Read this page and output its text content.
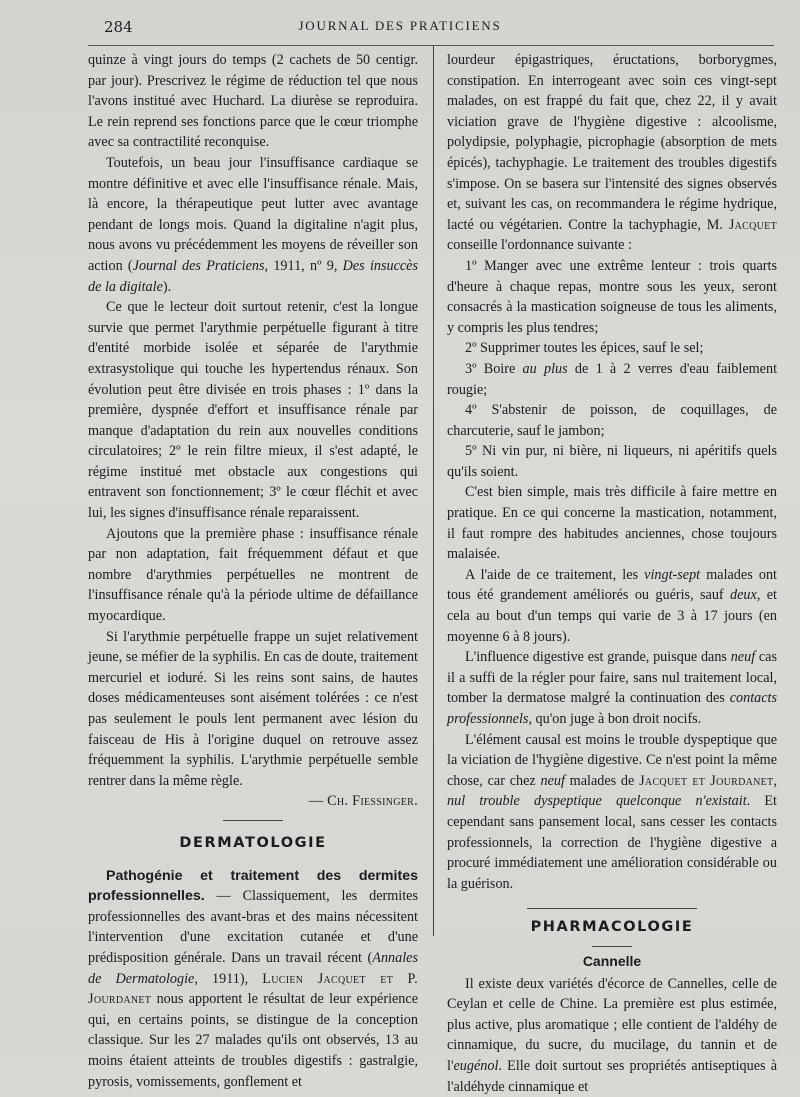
284	JOURNAL DES PRATICIENS

quinze à vingt jours do temps (2 cachets de 50 centigr. par jour). Prescrivez le régime de réduction tel que nous l'avons institué avec Huchard. La diurèse se reproduira. Le rein reprend ses fonctions parce que le cœur triomphe avec sa contractilité reconquise.

Toutefois, un beau jour l'insuffisance cardiaque se montre définitive et avec elle l'insuffisance rénale. Mais, là encore, la thérapeutique peut lutter avec avantage pendant de longs mois. Quand la digitaline n'agit plus, nous avons vu précédemment les moyens de réveiller son action (Journal des Praticiens, 1911, nº 9, Des insuccès de la digitale).

Ce que le lecteur doit surtout retenir, c'est la longue survie que permet l'arythmie perpétuelle figurant à titre d'entité morbide isolée et séparée de l'arythmie extrasystolique qui touche les hypertendus rénaux. Son évolution peut être divisée en trois phases : 1º dans la première, dyspnée d'effort et insuffisance rénale par manque d'adaptation du rein aux nouvelles conditions circulatoires; 2º le rein filtre mieux, il s'est adapté, le régime institué met obstacle aux congestions qui entravent son fonctionnement; 3º le cœur fléchit et avec lui, les signes d'insuffisance rénale reparaissent.

Ajoutons que la première phase : insuffisance rénale par non adaptation, fait fréquemment défaut et que nombre d'arythmies perpétuelles ne montrent de l'insuffisance rénale qu'à la période ultime de défaillance myocardique.

Si l'arythmie perpétuelle frappe un sujet relativement jeune, se méfier de la syphilis. En cas de doute, traitement mercuriel et ioduré. Si les reins sont sains, de hautes doses médicamenteuses sont aisément tolérées : ce n'est pas seulement le pouls lent permanent avec lésion du faisceau de His à l'origine duquel on retrouve assez fréquemment la syphilis. L'arythmie perpétuelle semble rentrer dans la même règle.

— Ch. Fiessinger.
DERMATOLOGIE

Pathogénie et traitement des dermites professionnelles. — Classiquement, les dermites professionnelles des avant-bras et des mains nécessitent l'intervention d'une excitation cutanée et d'une prédisposition générale. Dans un travail récent (Annales de Dermatologie, 1911), Lucien Jacquet et P. Jourdanet nous apportent le résultat de leur expérience qui, en certains points, se distingue de la conception classique. Sur les 27 malades qu'ils ont observés, 13 au moins étaient atteints de troubles digestifs : gastralgie, pyrosis, vomissements, gonflement et

lourdeur épigastriques, éructations, borborygmes, constipation. En interrogeant avec soin ces vingt-sept malades, on est frappé du fait que, chez 22, il y avait viciation grave de l'hygiène digestive : alcoolisme, polydipsie, polyphagie, picrophagie (absorption de mets épicés), tachyphagie. Le traitement des troubles digestifs s'impose. On se basera sur l'intensité des signes observés et, suivant les cas, on recommandera le régime hydrique, lacté ou végétarien. Contre la tachyphagie, M. Jacquet conseille l'ordonnance suivante :

1º Manger avec une extrême lenteur : trois quarts d'heure à chaque repas, montre sous les yeux, seront consacrés à la mastication soigneuse de tous les aliments, y compris les plus tendres;

2º Supprimer toutes les épices, sauf le sel;

3º Boire au plus de 1 à 2 verres d'eau faiblement rougie;

4º S'abstenir de poisson, de coquillages, de charcuterie, sauf le jambon;

5º Ni vin pur, ni bière, ni liqueurs, ni apéritifs quels qu'ils soient.

C'est bien simple, mais très difficile à faire mettre en pratique. En ce qui concerne la mastication, notamment, il faut rompre des habitudes anciennes, chose toujours malaisée.

A l'aide de ce traitement, les vingt-sept malades ont tous été grandement améliorés ou guéris, sauf deux, et cela au bout d'un temps qui varie de 3 à 17 jours (en moyenne 6 à 8 jours).

L'influence digestive est grande, puisque dans neuf cas il a suffi de la régler pour faire, sans nul traitement local, tomber la dermatose malgré la continuation des contacts professionnels, qu'on juge à bon droit nocifs.

L'élément causal est moins le trouble dyspeptique que la viciation de l'hygiène digestive. Ce n'est point la même chose, car chez neuf malades de Jacquet et Jourdanet, nul trouble dyspeptique quelconque n'existait. Et cependant sans pansement local, sans cesser les contacts professionnels, la correction de l'hygiène digestive a procuré immédiatement une amélioration considérable ou la guérison.

PHARMACOLOGIE
Cannelle

Il existe deux variétés d'écorce de Cannelles, celle de Ceylan et celle de Chine. La première est plus estimée, plus active, plus aromatique ; elle contient de l'aldéhy de cinnamique, du sucre, du mucilage, du tannin et de l'eugénol. Elle doit surtout ses propriétés antiseptiques à l'aldéhyde cinnamique et
